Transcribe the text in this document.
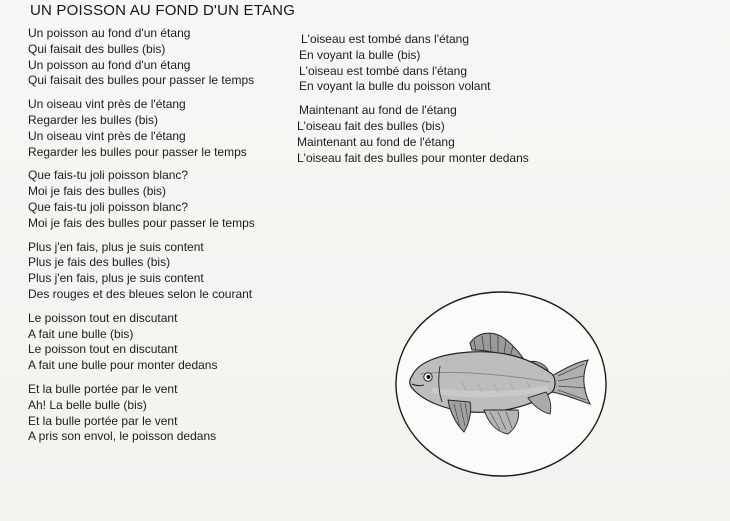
UN POISSON AU FOND D'UN ETANG
Un poisson au fond d'un étang
Qui faisait des bulles (bis)
Un poisson au fond d'un étang
Qui faisait des bulles pour passer le temps
Un oiseau vint près de l'étang
Regarder les bulles (bis)
Un oiseau vint près de l'étang
Regarder les bulles pour passer le temps
Que fais-tu joli poisson blanc?
Moi je fais des bulles (bis)
Que fais-tu joli poisson blanc?
Moi je fais des bulles pour passer le temps
Plus j'en fais, plus je suis content
Plus je fais des bulles (bis)
Plus j'en fais, plus je suis content
Des rouges et des bleues selon le courant
Le poisson tout en discutant
A fait une bulle (bis)
Le poisson tout en discutant
A fait une bulle pour monter dedans
Et la bulle portée par le vent
Ah! La belle bulle (bis)
Et la bulle portée par le vent
A pris son envol, le poisson dedans
L'oiseau est tombé dans l'étang
En voyant la bulle (bis)
L'oiseau est tombé dans l'étang
En voyant la bulle du poisson volant
Maintenant au fond de l'étang
L'oiseau fait des bulles (bis)
Maintenant au fond de l'étang
L'oiseau fait des bulles pour monter dedans
